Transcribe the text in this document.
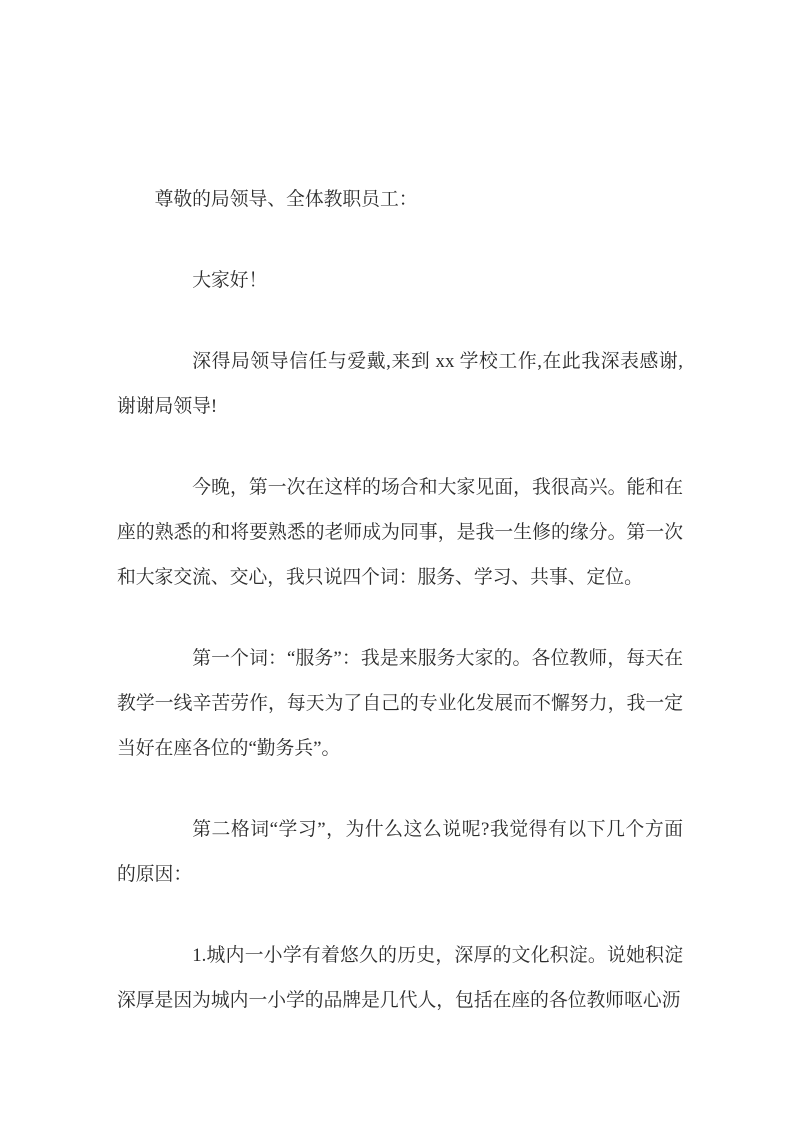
尊敬的局领导、全体教职员工：

大家好！

深得局领导信任与爱戴,来到 xx 学校工作,在此我深表感谢,谢谢局领导!

今晚，第一次在这样的场合和大家见面，我很高兴。能和在座的熟悉的和将要熟悉的老师成为同事，是我一生修的缘分。第一次和大家交流、交心，我只说四个词：服务、学习、共事、定位。

第一个词：“服务”：我是来服务大家的。各位教师，每天在教学一线辛苦劳作，每天为了自己的专业化发展而不懈努力，我一定当好在座各位的“勤务兵”。

第二格词“学习”，为什么这么说呢?我觉得有以下几个方面的原因：

1.城内一小学有着悠久的历史，深厚的文化积淀。说她积淀深厚是因为城内一小学的品牌是几代人，包括在座的各位教师呕心沥
